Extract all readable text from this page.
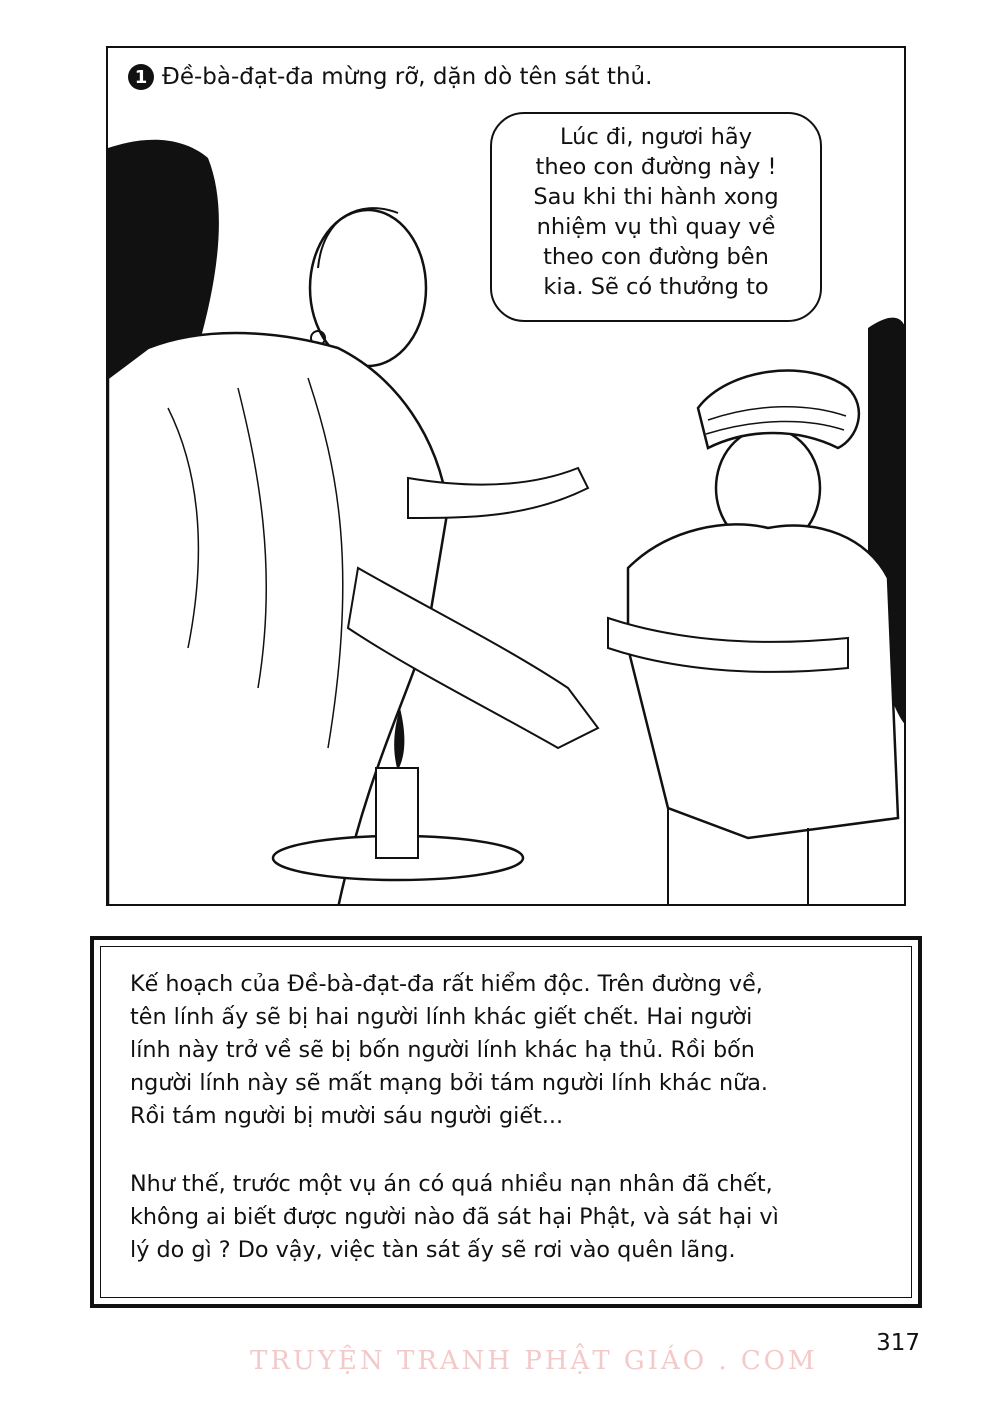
1 Đề-bà-đạt-đa mừng rỡ, dặn dò tên sát thủ.
Lúc đi, ngươi hãy
theo con đường này !
Sau khi thi hành xong
nhiệm vụ thì quay về
theo con đường bên
kia. Sẽ có thưởng to

Kế hoạch của Đề-bà-đạt-đa rất hiểm độc. Trên đường về,
tên lính ấy sẽ bị hai người lính khác giết chết. Hai người
lính này trở về sẽ bị bốn người lính khác hạ thủ. Rồi bốn
người lính này sẽ mất mạng bởi tám người lính khác nữa.
Rồi tám người bị mười sáu người giết...

Như thế, trước một vụ án có quá nhiều nạn nhân đã chết,
không ai biết được người nào đã sát hại Phật, và sát hại vì
lý do gì ? Do vậy, việc tàn sát ấy sẽ rơi vào quên lãng.

TRUYỆN TRANH PHẬT GIÁO . COM
317
